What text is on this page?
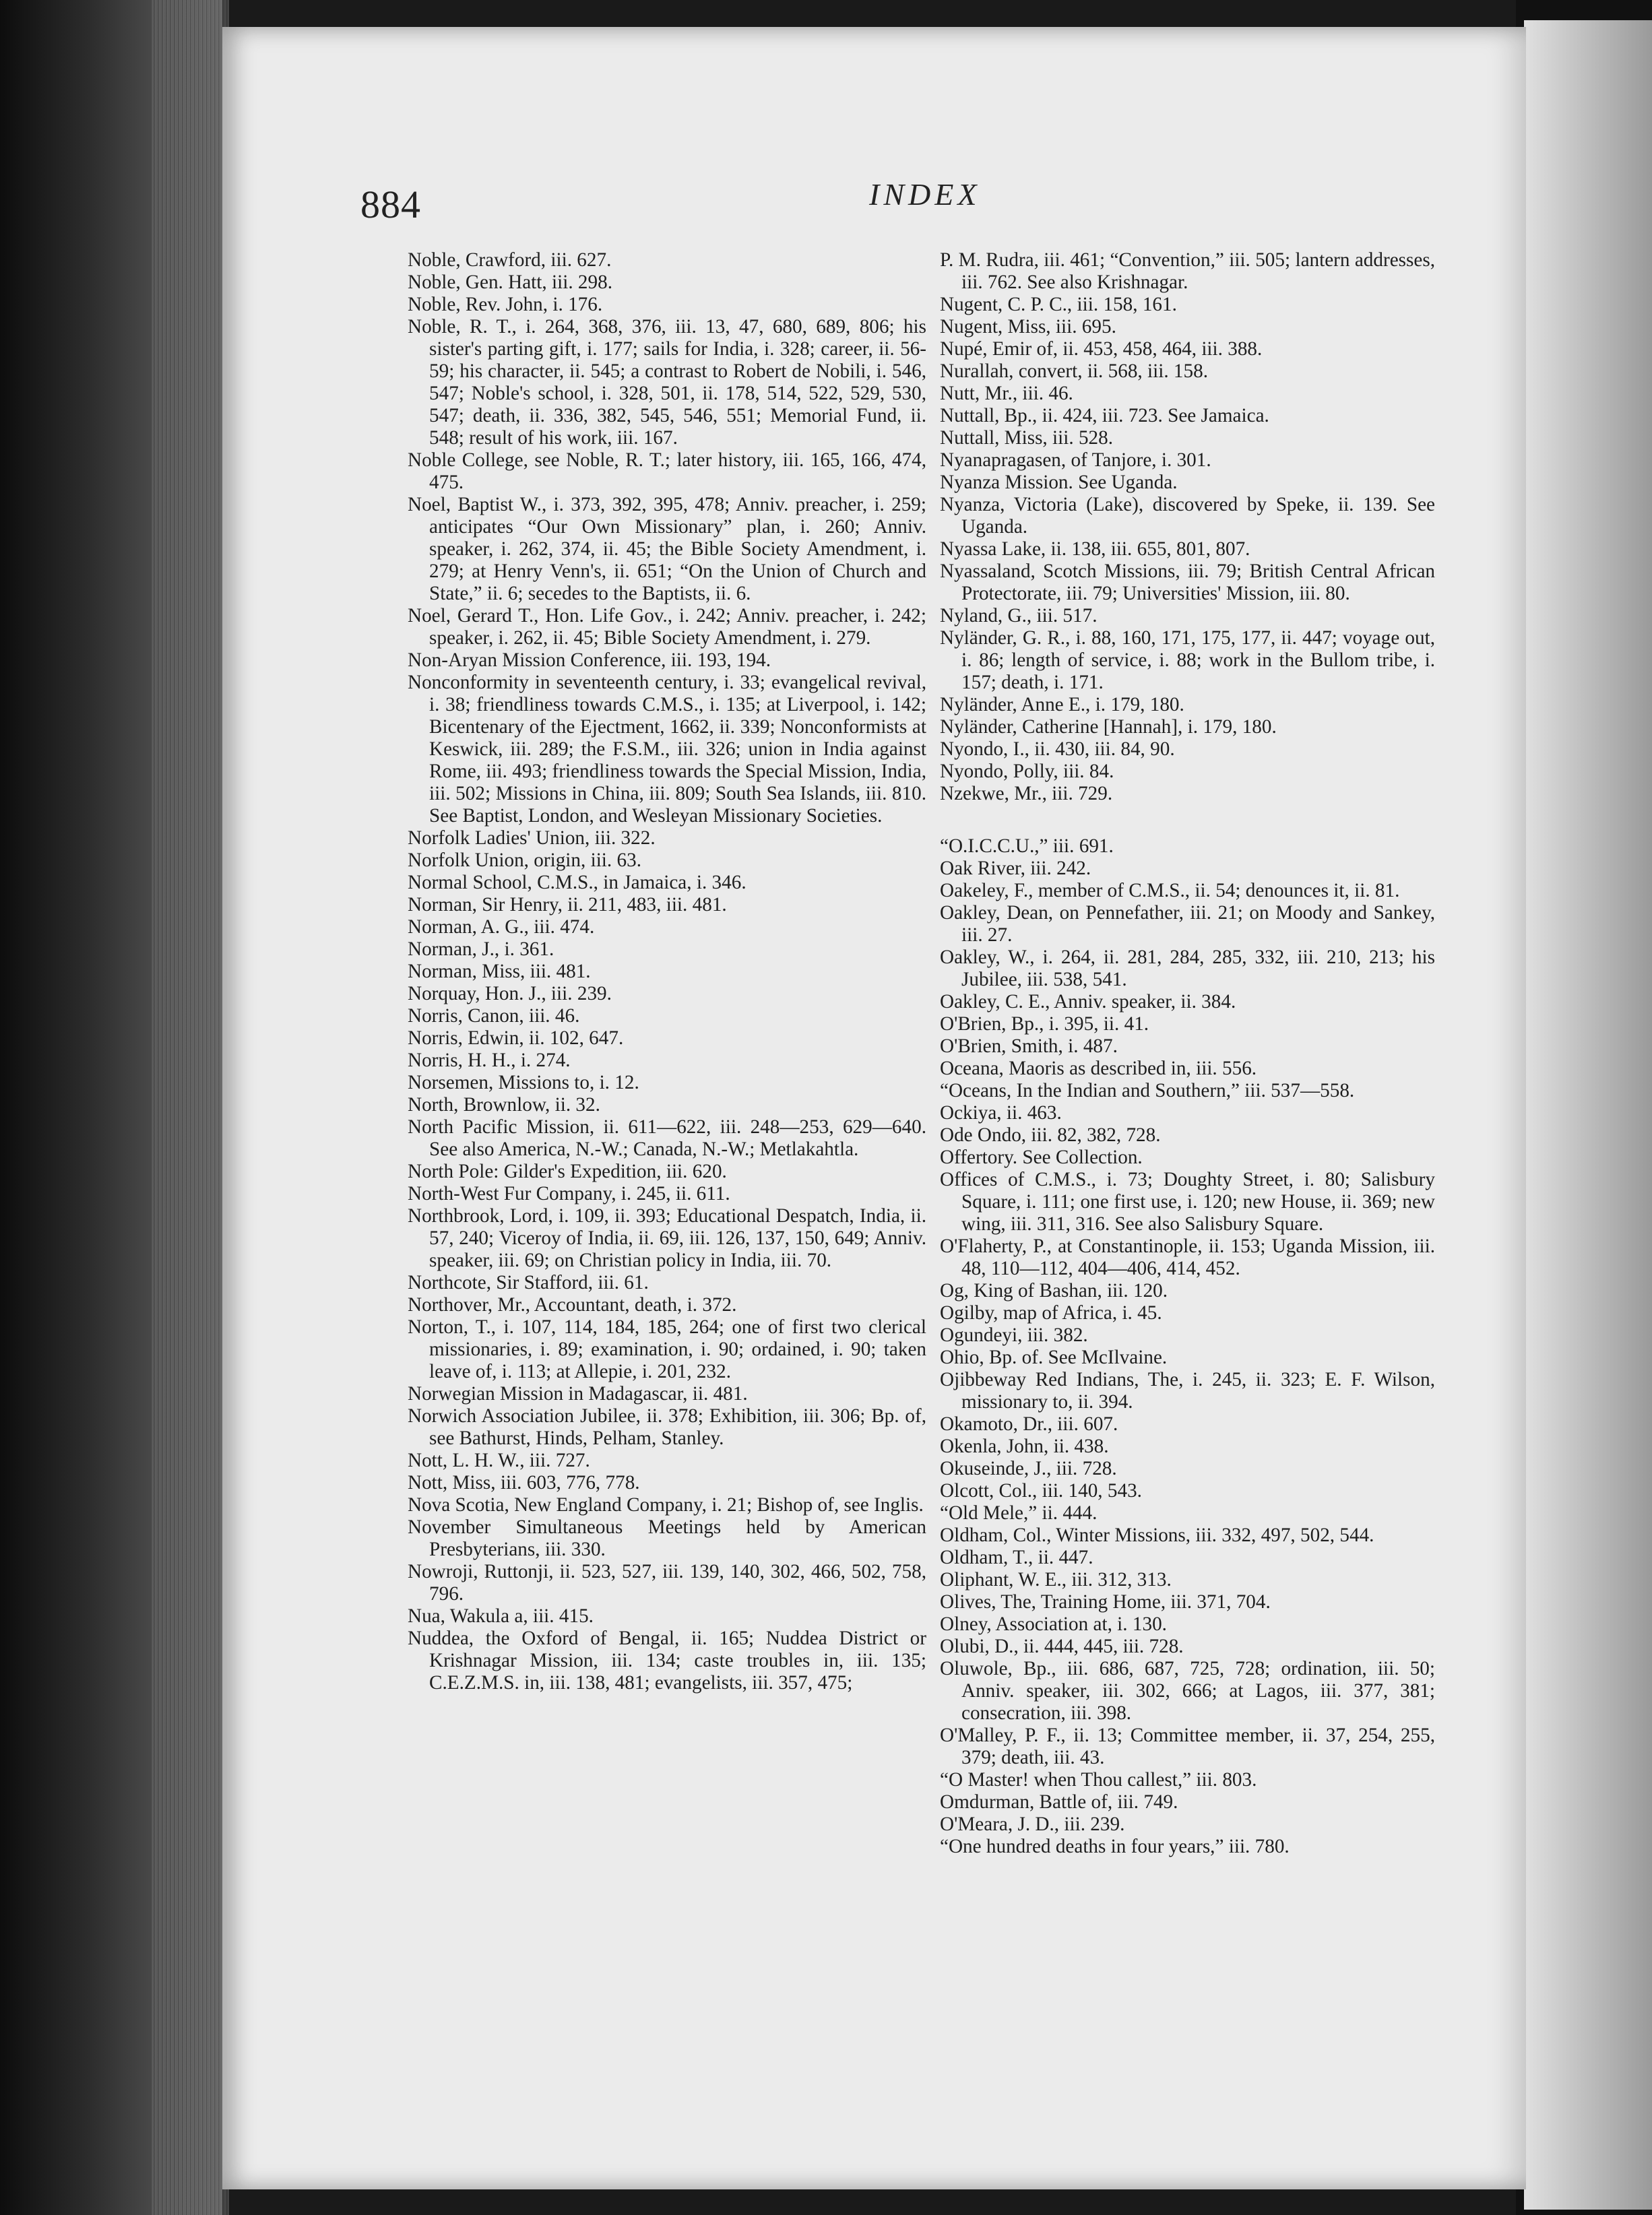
884	INDEX

Noble, Crawford, iii. 627.

Noble, Gen. Hatt, iii. 298.

Noble, Rev. John, i. 176.

Noble, R. T., i. 264, 368, 376, iii. 13, 47, 680, 689, 806; his sister's parting gift, i. 177; sails for India, i. 328; career, ii. 56-59; his character, ii. 545; a contrast to Robert de Nobili, i. 546, 547; Noble's school, i. 328, 501, ii. 178, 514, 522, 529, 530, 547; death, ii. 336, 382, 545, 546, 551; Memorial Fund, ii. 548; result of his work, iii. 167.

Noble College, see Noble, R. T.; later history, iii. 165, 166, 474, 475.

Noel, Baptist W., i. 373, 392, 395, 478; Anniv. preacher, i. 259; anticipates “Our Own Missionary” plan, i. 260; Anniv. speaker, i. 262, 374, ii. 45; the Bible Society Amendment, i. 279; at Henry Venn's, ii. 651; “On the Union of Church and State,” ii. 6; secedes to the Baptists, ii. 6.

Noel, Gerard T., Hon. Life Gov., i. 242; Anniv. preacher, i. 242; speaker, i. 262, ii. 45; Bible Society Amendment, i. 279.

Non-Aryan Mission Conference, iii. 193, 194.

Nonconformity in seventeenth century, i. 33; evangelical revival, i. 38; friendliness towards C.M.S., i. 135; at Liverpool, i. 142; Bicentenary of the Ejectment, 1662, ii. 339; Nonconformists at Keswick, iii. 289; the F.S.M., iii. 326; union in India against Rome, iii. 493; friendliness towards the Special Mission, India, iii. 502; Missions in China, iii. 809; South Sea Islands, iii. 810. See Baptist, London, and Wesleyan Missionary Societies.

Norfolk Ladies' Union, iii. 322.

Norfolk Union, origin, iii. 63.

Normal School, C.M.S., in Jamaica, i. 346.

Norman, Sir Henry, ii. 211, 483, iii. 481.

Norman, A. G., iii. 474.

Norman, J., i. 361.

Norman, Miss, iii. 481.

Norquay, Hon. J., iii. 239.

Norris, Canon, iii. 46.

Norris, Edwin, ii. 102, 647.

Norris, H. H., i. 274.

Norsemen, Missions to, i. 12.

North, Brownlow, ii. 32.

North Pacific Mission, ii. 611—622, iii. 248—253, 629—640. See also America, N.-W.; Canada, N.-W.; Metlakahtla.

North Pole: Gilder's Expedition, iii. 620.

North-West Fur Company, i. 245, ii. 611.

Northbrook, Lord, i. 109, ii. 393; Educational Despatch, India, ii. 57, 240; Viceroy of India, ii. 69, iii. 126, 137, 150, 649; Anniv. speaker, iii. 69; on Christian policy in India, iii. 70.

Northcote, Sir Stafford, iii. 61.

Northover, Mr., Accountant, death, i. 372.

Norton, T., i. 107, 114, 184, 185, 264; one of first two clerical missionaries, i. 89; examination, i. 90; ordained, i. 90; taken leave of, i. 113; at Allepie, i. 201, 232.

Norwegian Mission in Madagascar, ii. 481.

Norwich Association Jubilee, ii. 378; Exhibition, iii. 306; Bp. of, see Bathurst, Hinds, Pelham, Stanley.

Nott, L. H. W., iii. 727.

Nott, Miss, iii. 603, 776, 778.

Nova Scotia, New England Company, i. 21; Bishop of, see Inglis.

November Simultaneous Meetings held by American Presbyterians, iii. 330.

Nowroji, Ruttonji, ii. 523, 527, iii. 139, 140, 302, 466, 502, 758, 796.

Nua, Wakula a, iii. 415.

Nuddea, the Oxford of Bengal, ii. 165; Nuddea District or Krishnagar Mission, iii. 134; caste troubles in, iii. 135; C.E.Z.M.S. in, iii. 138, 481; evangelists, iii. 357, 475;

P. M. Rudra, iii. 461; “Convention,” iii. 505; lantern addresses, iii. 762. See also Krishnagar.

Nugent, C. P. C., iii. 158, 161.

Nugent, Miss, iii. 695.

Nupé, Emir of, ii. 453, 458, 464, iii. 388.

Nurallah, convert, ii. 568, iii. 158.

Nutt, Mr., iii. 46.

Nuttall, Bp., ii. 424, iii. 723. See Jamaica.

Nuttall, Miss, iii. 528.

Nyanapragasen, of Tanjore, i. 301.

Nyanza Mission. See Uganda.

Nyanza, Victoria (Lake), discovered by Speke, ii. 139. See Uganda.

Nyassa Lake, ii. 138, iii. 655, 801, 807.

Nyassaland, Scotch Missions, iii. 79; British Central African Protectorate, iii. 79; Universities' Mission, iii. 80.

Nyland, G., iii. 517.

Nyländer, G. R., i. 88, 160, 171, 175, 177, ii. 447; voyage out, i. 86; length of service, i. 88; work in the Bullom tribe, i. 157; death, i. 171.

Nyländer, Anne E., i. 179, 180.

Nyländer, Catherine [Hannah], i. 179, 180.

Nyondo, I., ii. 430, iii. 84, 90.

Nyondo, Polly, iii. 84.

Nzekwe, Mr., iii. 729.

“O.I.C.C.U.,” iii. 691.

Oak River, iii. 242.

Oakeley, F., member of C.M.S., ii. 54; denounces it, ii. 81.

Oakley, Dean, on Pennefather, iii. 21; on Moody and Sankey, iii. 27.

Oakley, W., i. 264, ii. 281, 284, 285, 332, iii. 210, 213; his Jubilee, iii. 538, 541.

Oakley, C. E., Anniv. speaker, ii. 384.

O'Brien, Bp., i. 395, ii. 41.

O'Brien, Smith, i. 487.

Oceana, Maoris as described in, iii. 556.

“Oceans, In the Indian and Southern,” iii. 537—558.

Ockiya, ii. 463.

Ode Ondo, iii. 82, 382, 728.

Offertory. See Collection.

Offices of C.M.S., i. 73; Doughty Street, i. 80; Salisbury Square, i. 111; one first use, i. 120; new House, ii. 369; new wing, iii. 311, 316. See also Salisbury Square.

O'Flaherty, P., at Constantinople, ii. 153; Uganda Mission, iii. 48, 110—112, 404—406, 414, 452.

Og, King of Bashan, iii. 120.

Ogilby, map of Africa, i. 45.

Ogundeyi, iii. 382.

Ohio, Bp. of. See McIlvaine.

Ojibbeway Red Indians, The, i. 245, ii. 323; E. F. Wilson, missionary to, ii. 394.

Okamoto, Dr., iii. 607.

Okenla, John, ii. 438.

Okuseinde, J., iii. 728.

Olcott, Col., iii. 140, 543.

“Old Mele,” ii. 444.

Oldham, Col., Winter Missions, iii. 332, 497, 502, 544.

Oldham, T., ii. 447.

Oliphant, W. E., iii. 312, 313.

Olives, The, Training Home, iii. 371, 704.

Olney, Association at, i. 130.

Olubi, D., ii. 444, 445, iii. 728.

Oluwole, Bp., iii. 686, 687, 725, 728; ordination, iii. 50; Anniv. speaker, iii. 302, 666; at Lagos, iii. 377, 381; consecration, iii. 398.

O'Malley, P. F., ii. 13; Committee member, ii. 37, 254, 255, 379; death, iii. 43.

“O Master! when Thou callest,” iii. 803.

Omdurman, Battle of, iii. 749.

O'Meara, J. D., iii. 239.

“One hundred deaths in four years,” iii. 780.
